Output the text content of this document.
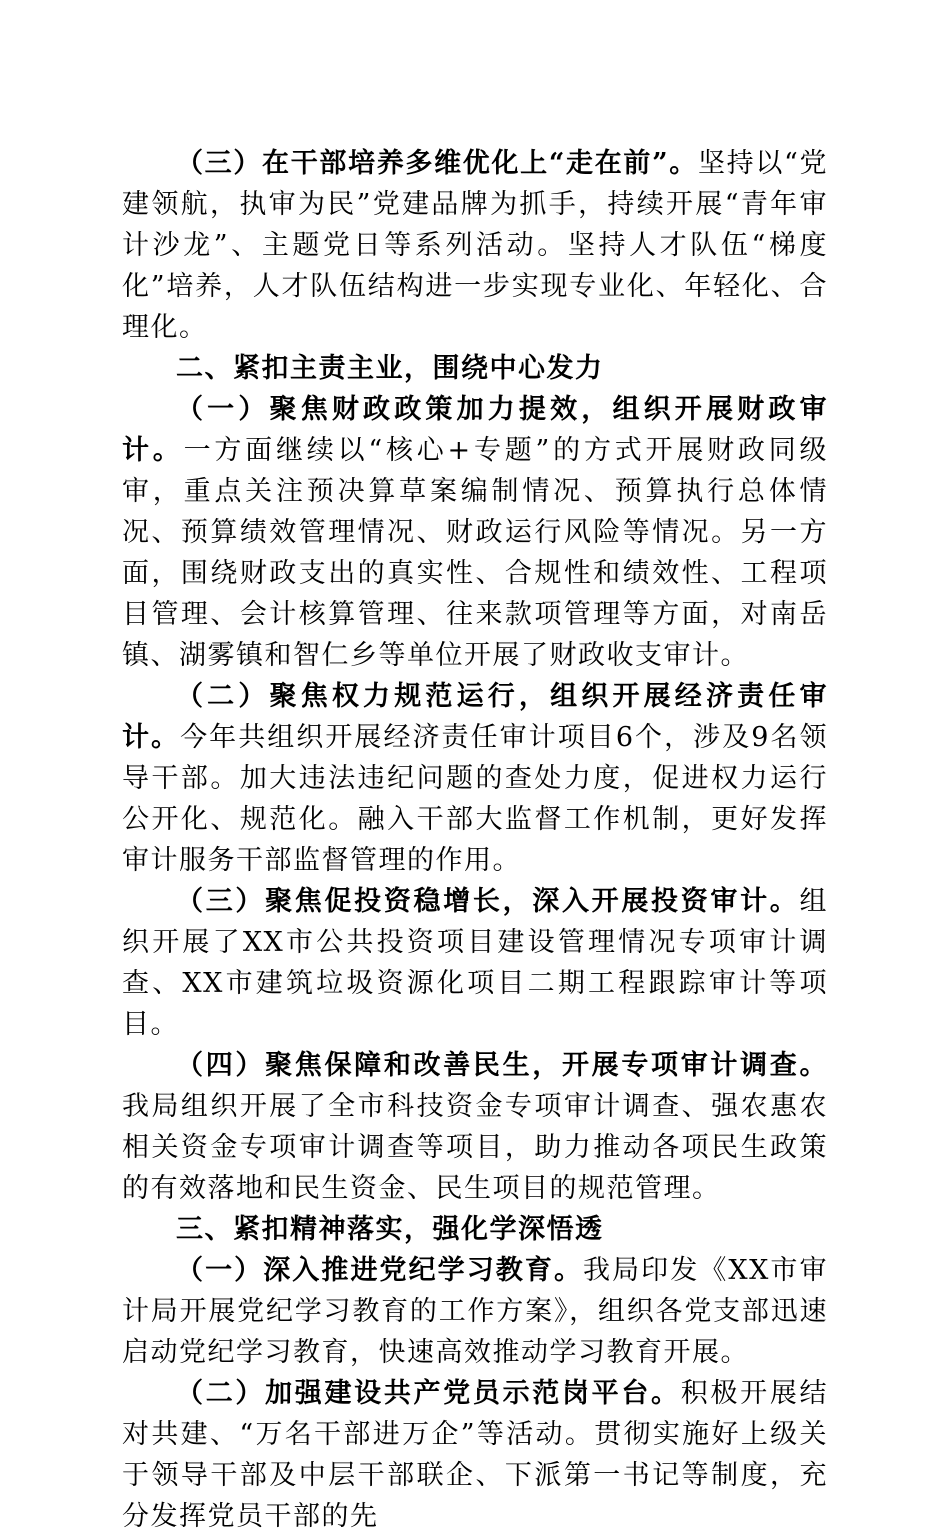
（三）在干部培养多维优化上“走在前”。坚持以“党建领航，执审为民”党建品牌为抓手，持续开展“青年审计沙龙”、主题党日等系列活动。坚持人才队伍“梯度化”培养，人才队伍结构进一步实现专业化、年轻化、合理化。

二、紧扣主责主业，围绕中心发力

（一）聚焦财政政策加力提效，组织开展财政审计。一方面继续以“核心+专题”的方式开展财政同级审，重点关注预决算草案编制情况、预算执行总体情况、预算绩效管理情况、财政运行风险等情况。另一方面，围绕财政支出的真实性、合规性和绩效性、工程项目管理、会计核算管理、往来款项管理等方面，对南岳镇、湖雾镇和智仁乡等单位开展了财政收支审计。

（二）聚焦权力规范运行，组织开展经济责任审计。今年共组织开展经济责任审计项目6个，涉及9名领导干部。加大违法违纪问题的查处力度，促进权力运行公开化、规范化。融入干部大监督工作机制，更好发挥审计服务干部监督管理的作用。

（三）聚焦促投资稳增长，深入开展投资审计。组织开展了XX市公共投资项目建设管理情况专项审计调查、XX市建筑垃圾资源化项目二期工程跟踪审计等项目。

（四）聚焦保障和改善民生，开展专项审计调查。我局组织开展了全市科技资金专项审计调查、强农惠农相关资金专项审计调查等项目，助力推动各项民生政策的有效落地和民生资金、民生项目的规范管理。

三、紧扣精神落实，强化学深悟透

（一）深入推进党纪学习教育。我局印发《XX市审计局开展党纪学习教育的工作方案》，组织各党支部迅速启动党纪学习教育，快速高效推动学习教育开展。

（二）加强建设共产党员示范岗平台。积极开展结对共建、“万名干部进万企”等活动。贯彻实施好上级关于领导干部及中层干部联企、下派第一书记等制度，充分发挥党员干部的先
